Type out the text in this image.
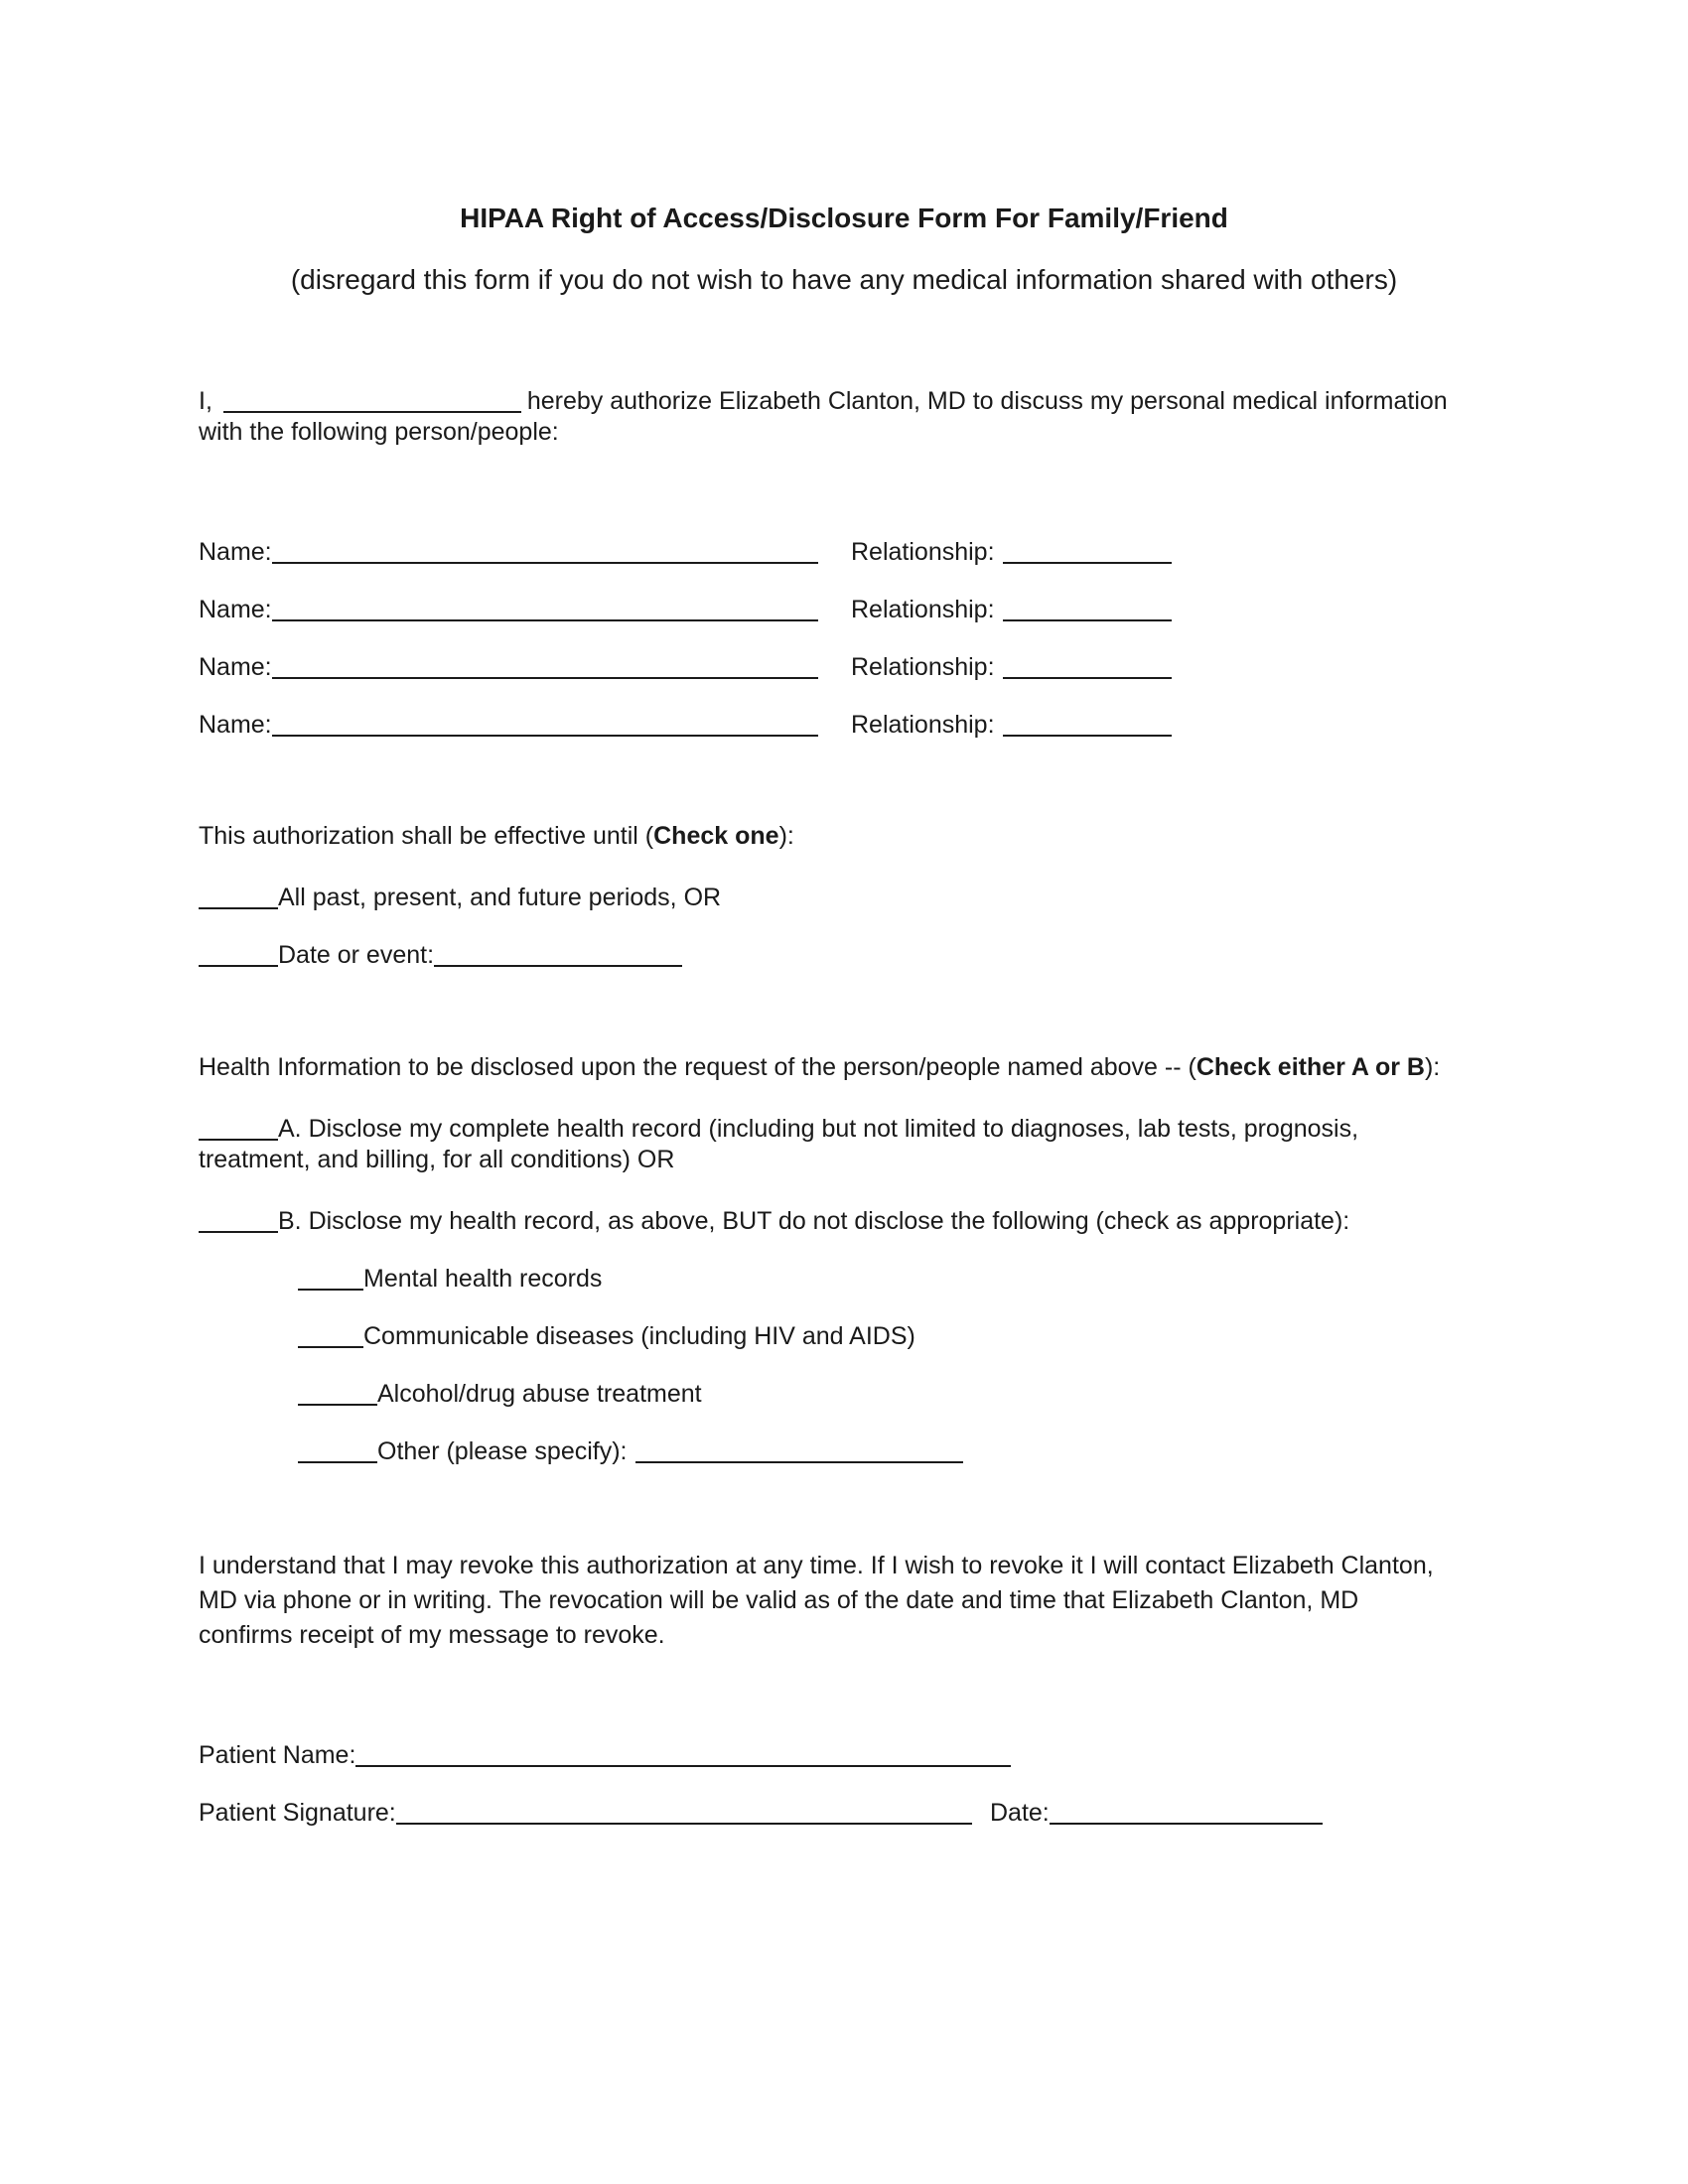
HIPAA Right of Access/Disclosure Form For Family/Friend
(disregard this form if you do not wish to have any medical information shared with others)
I,	hereby authorize Elizabeth Clanton, MD to discuss my personal medical information
with the following person/people:
Name:	Relationship:
Name:	Relationship:
Name:	Relationship:
Name:	Relationship:
This authorization shall be effective until (Check one):
All past, present, and future periods, OR
Date or event:
Health Information to be disclosed upon the request of the person/people named above -- (Check either A or B):
A. Disclose my complete health record (including but not limited to diagnoses, lab tests, prognosis,
treatment, and billing, for all conditions) OR
B. Disclose my health record, as above, BUT do not disclose the following (check as appropriate):
Mental health records
Communicable diseases (including HIV and AIDS)
Alcohol/drug abuse treatment
Other (please specify):
I understand that I may revoke this authorization at any time. If I wish to revoke it I will contact Elizabeth Clanton,
MD via phone or in writing. The revocation will be valid as of the date and time that Elizabeth Clanton, MD
confirms receipt of my message to revoke.
Patient Name:
Patient Signature:	Date:
